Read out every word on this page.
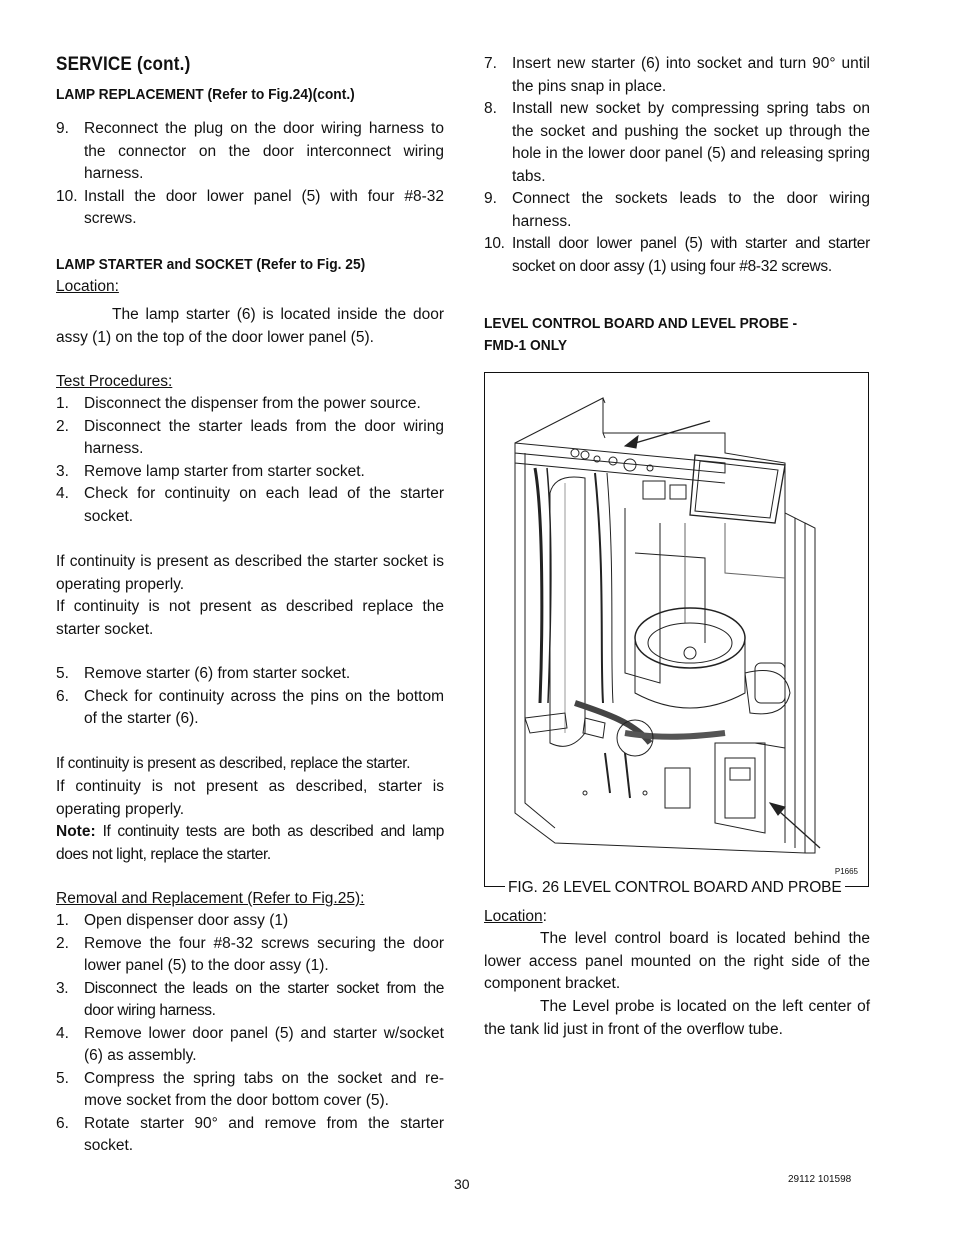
SERVICE (cont.)
LAMP REPLACEMENT (Refer to Fig.24)(cont.)
9. Reconnect the plug on the door wiring harness to the connector on the door interconnect wiring harness.
10. Install the door lower panel (5) with four #8-32 screws.
LAMP STARTER and SOCKET (Refer to Fig. 25)
Location:
The lamp starter (6) is located inside the door assy (1) on the top of the door lower panel (5).
Test Procedures:
1. Disconnect the dispenser from the power source.
2. Disconnect the starter leads from the door wiring harness.
3. Remove lamp starter from starter socket.
4. Check for continuity on each lead of the starter socket.
If continuity is present as described the starter socket is operating properly.
If continuity is not present as described replace the starter socket.
5. Remove starter (6) from starter socket.
6. Check for continuity across the pins on the bottom of the starter (6).
If continuity is present as described, replace the starter.
If continuity is not present as described, starter is operating properly.
Note: If continuity tests are both as described and lamp does not light, replace the starter.
Removal and Replacement (Refer to Fig.25):
1. Open dispenser door assy (1)
2. Remove the four #8-32 screws securing the door lower panel (5) to the door assy (1).
3. Disconnect the leads on the starter socket from the door wiring harness.
4. Remove lower door panel (5) and starter w/socket (6) as assembly.
5. Compress the spring tabs on the socket and re-move socket from the door bottom cover (5).
6. Rotate starter 90° and remove from the starter socket.
7. Insert new starter (6) into socket and turn 90° until the pins snap in place.
8. Install new socket by compressing spring tabs on the socket and pushing the socket up through the hole in the lower door panel (5) and releasing spring tabs.
9. Connect the sockets leads to the door wiring harness.
10. Install door lower panel (5) with starter and starter socket on door assy (1) using four #8-32 screws.
LEVEL CONTROL BOARD AND LEVEL PROBE -
FMD-1 ONLY
Location:
The level control board is located behind the lower access panel mounted on the right side of the component bracket.
The Level probe is located on the left center of the tank lid just in front of the overflow tube.
P1665
FIG. 26 LEVEL CONTROL BOARD AND PROBE
30	29112 101598
